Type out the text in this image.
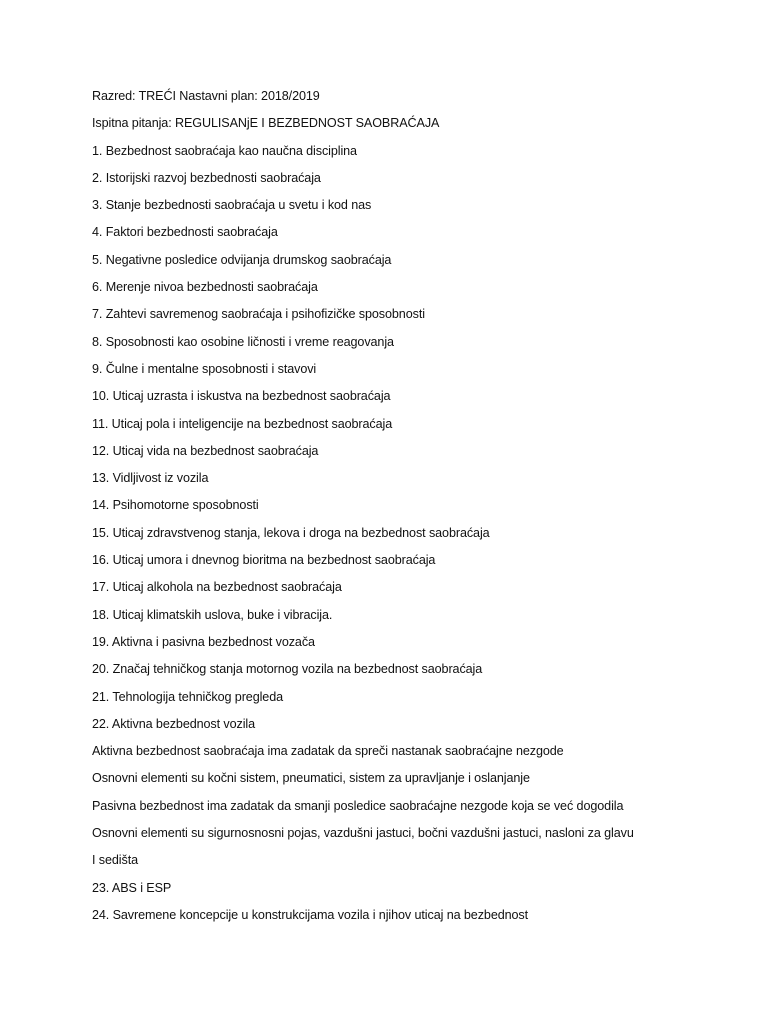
Razred: TREĆI Nastavni plan: 2018/2019
Ispitna pitanja: REGULISANjE I BEZBEDNOST SAOBRAĆAJA
1. Bezbednost saobraćaja kao naučna disciplina
2. Istorijski razvoj bezbednosti saobraćaja
3. Stanje bezbednosti saobraćaja u svetu i kod nas
4. Faktori bezbednosti saobraćaja
5. Negativne posledice odvijanja drumskog saobraćaja
6. Merenje nivoa bezbednosti saobraćaja
7. Zahtevi savremenog saobraćaja i psihofizičke sposobnosti
8. Sposobnosti kao osobine ličnosti i vreme reagovanja
9. Čulne i mentalne sposobnosti i stavovi
10. Uticaj uzrasta i iskustva na bezbednost saobraćaja
11. Uticaj pola i inteligencije na bezbednost saobraćaja
12. Uticaj vida na bezbednost saobraćaja
13. Vidljivost iz vozila
14. Psihomotorne sposobnosti
15. Uticaj zdravstvenog stanja, lekova i droga na bezbednost saobraćaja
16. Uticaj umora i dnevnog bioritma na bezbednost saobraćaja
17. Uticaj alkohola na bezbednost saobraćaja
18. Uticaj klimatskih uslova, buke i vibracija.
19. Aktivna i pasivna bezbednost vozača
20. Značaj tehničkog stanja motornog vozila na bezbednost saobraćaja
21. Tehnologija tehničkog pregleda
22. Aktivna bezbednost vozila
Aktivna bezbednost saobraćaja ima zadatak da spreči nastanak saobraćajne nezgode
Osnovni elementi su kočni sistem, pneumatici, sistem za upravljanje i oslanjanje
Pasivna bezbednost ima zadatak da smanji posledice saobraćajne nezgode koja se već dogodila
Osnovni elementi su sigurnosnosni pojas, vazdušni jastuci, bočni vazdušni jastuci, nasloni za glavu
I sedišta
23. ABS i ESP
24. Savremene koncepcije u konstrukcijama vozila i njihov uticaj na bezbednost
